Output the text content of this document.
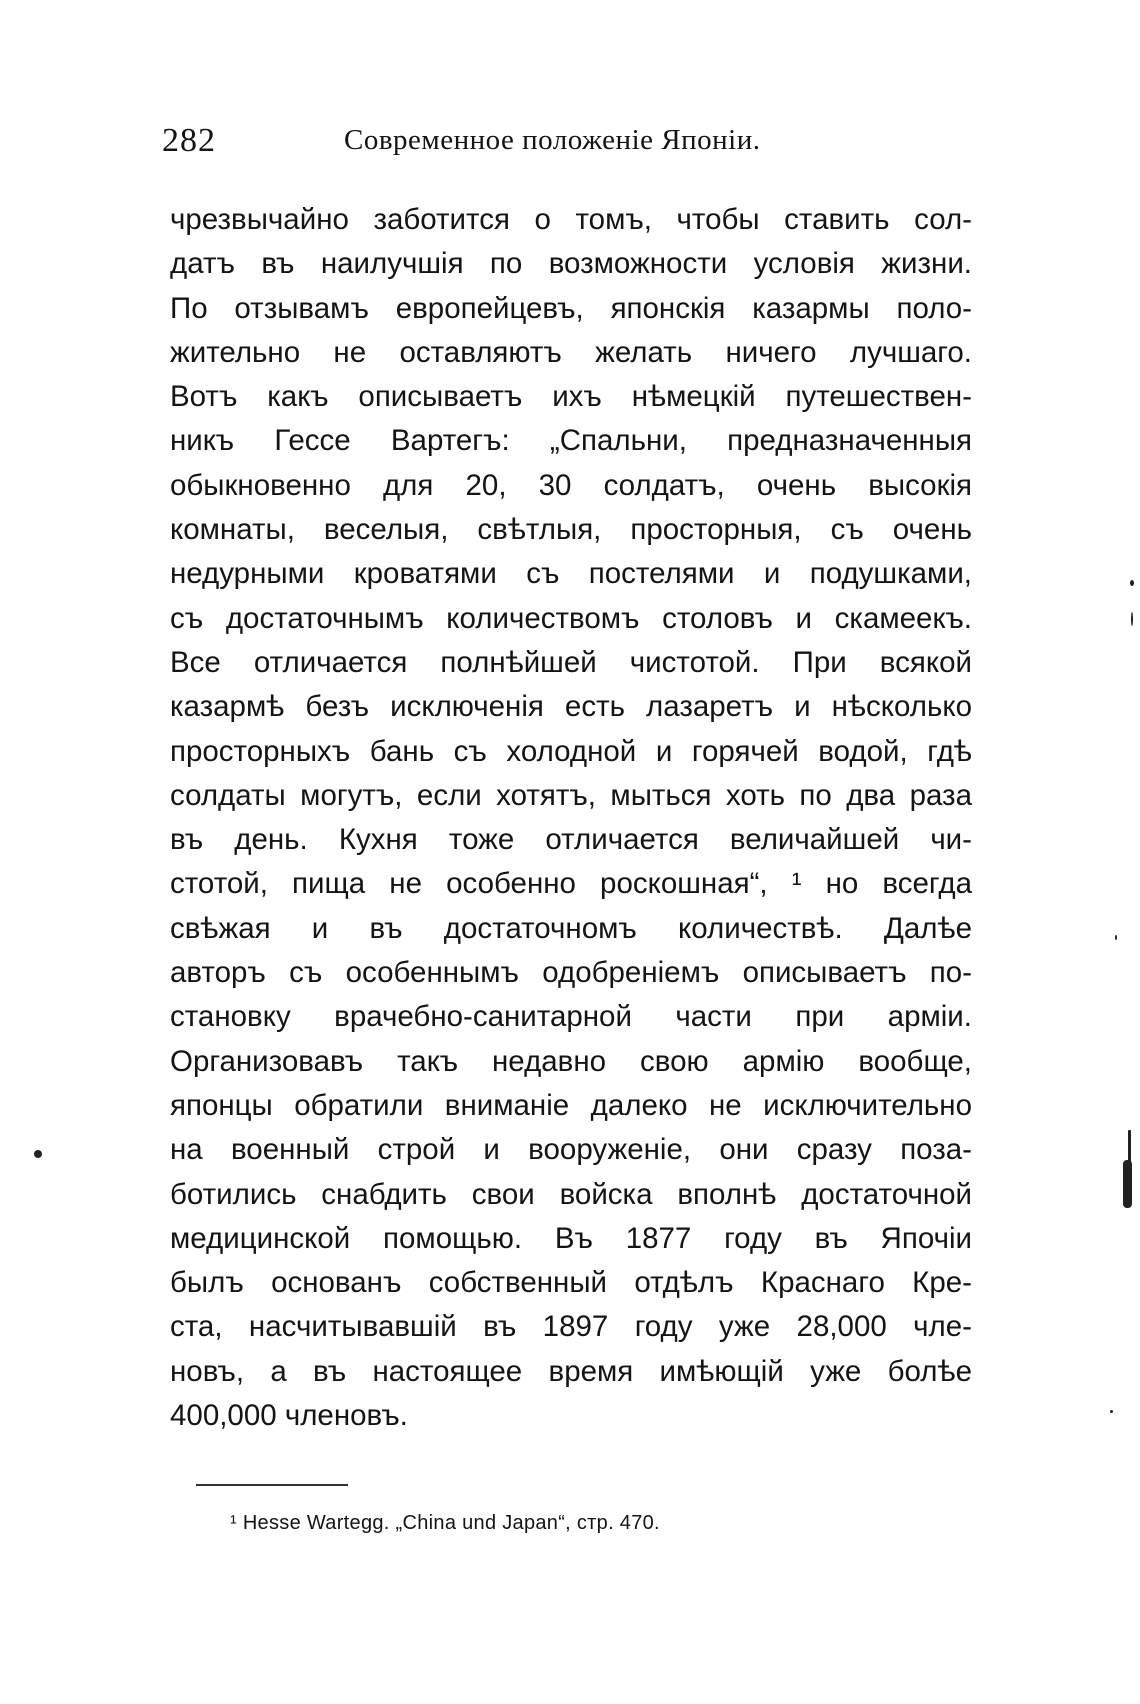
282	Современное положеніе Японіи.
чрезвычайно заботится о томъ, чтобы ставить сол-
датъ въ наилучшія по возможности условія жизни.
По отзывамъ европейцевъ, японскія казармы поло-
жительно не оставляютъ желать ничего лучшаго.
Вотъ какъ описываетъ ихъ нѣмецкій путешествен-
никъ Гессе Вартегъ: „Спальни, предназначенныя
обыкновенно для 20, 30 солдатъ, очень высокія
комнаты, веселыя, свѣтлыя, просторныя, съ очень
недурными кроватями съ постелями и подушками,
съ достаточнымъ количествомъ столовъ и скамеекъ.
Все отличается полнѣйшей чистотой. При всякой
казармѣ безъ исключенія есть лазаретъ и нѣсколько
просторныхъ бань съ холодной и горячей водой, гдѣ
солдаты могутъ, если хотятъ, мыться хоть по два раза
въ день. Кухня тоже отличается величайшей чи-
стотой, пища не особенно роскошная“, ¹ но всегда
свѣжая и въ достаточномъ количествѣ. Далѣе
авторъ съ особеннымъ одобреніемъ описываетъ по-
становку врачебно-санитарной части при арміи.
Организовавъ такъ недавно свою армію вообще,
японцы обратили вниманіе далеко не исключительно
на военный строй и вооруженіе, они сразу поза-
ботились снабдить свои войска вполнѣ достаточной
медицинской помощью. Въ 1877 году въ Япочіи
былъ основанъ собственный отдѣлъ Краснаго Кре-
ста, насчитывавшій въ 1897 году уже 28,000 чле-
новъ, а въ настоящее время имѣющій уже болѣе
400,000 членовъ.
¹ Hesse Wartegg. „China und Japan“, стр. 470.
